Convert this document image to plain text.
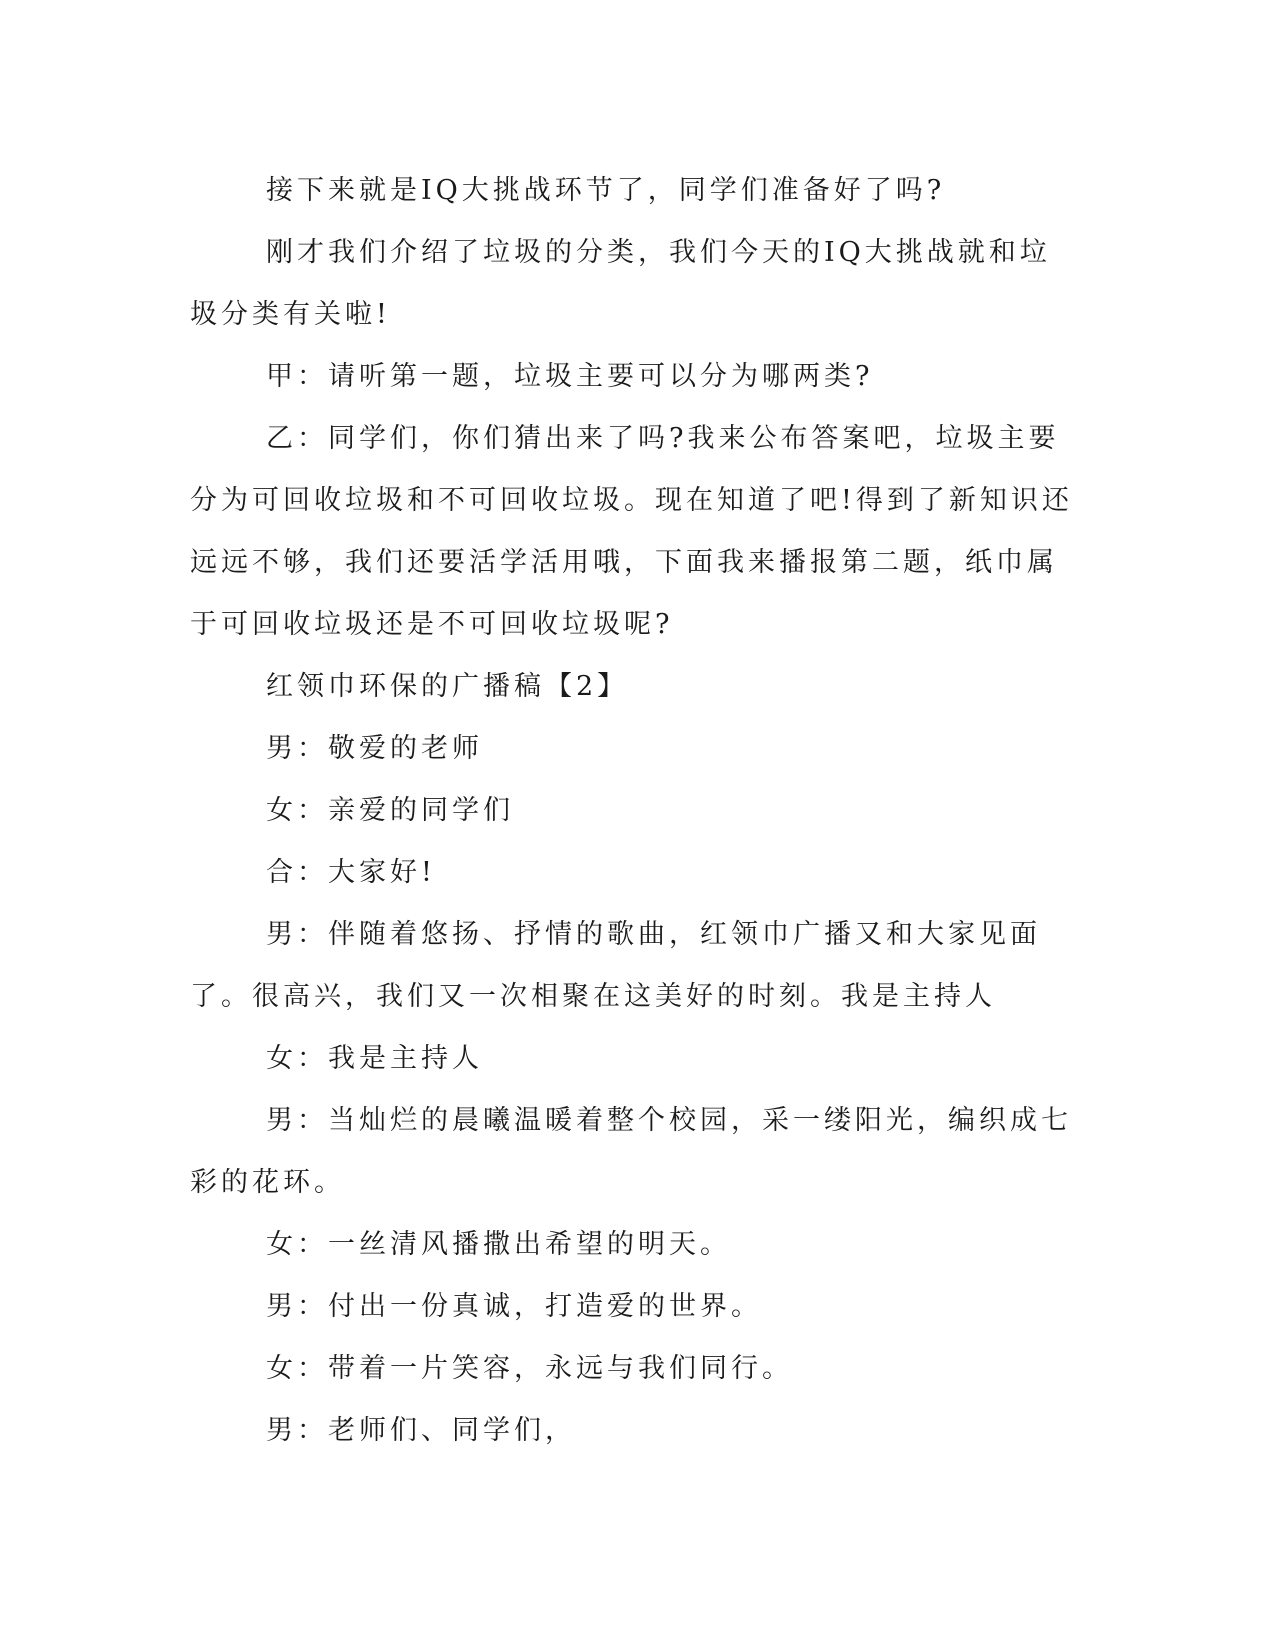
接下来就是IQ大挑战环节了，同学们准备好了吗?

刚才我们介绍了垃圾的分类，我们今天的IQ大挑战就和垃圾分类有关啦!

甲：请听第一题，垃圾主要可以分为哪两类?

乙：同学们，你们猜出来了吗?我来公布答案吧，垃圾主要分为可回收垃圾和不可回收垃圾。现在知道了吧!得到了新知识还远远不够，我们还要活学活用哦，下面我来播报第二题，纸巾属于可回收垃圾还是不可回收垃圾呢?

红领巾环保的广播稿【2】

男：敬爱的老师

女：亲爱的同学们

合：大家好!

男：伴随着悠扬、抒情的歌曲，红领巾广播又和大家见面了。很高兴，我们又一次相聚在这美好的时刻。我是主持人

女：我是主持人

男：当灿烂的晨曦温暖着整个校园，采一缕阳光，编织成七彩的花环。

女：一丝清风播撒出希望的明天。

男：付出一份真诚，打造爱的世界。

女：带着一片笑容，永远与我们同行。

男：老师们、同学们，
